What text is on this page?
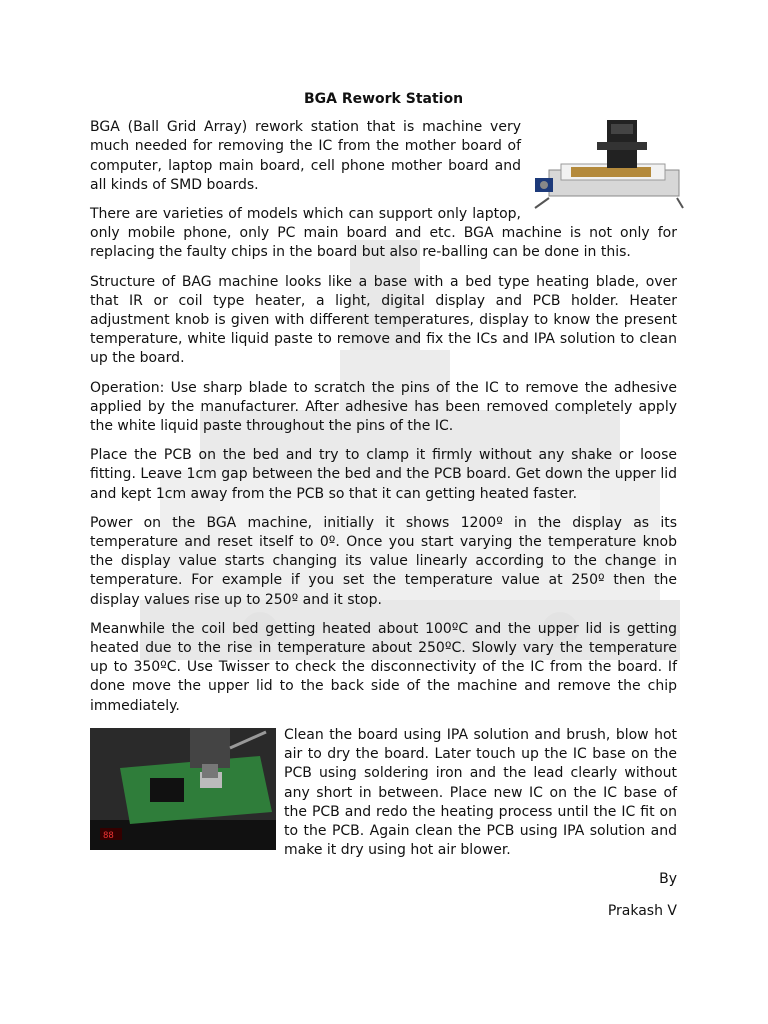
BGA Rework Station

BGA (Ball Grid Array) rework station that is machine very much needed for removing the IC from the mother board of computer, laptop main board, cell phone mother board and all kinds of SMD boards.

There are varieties of models which can support only laptop, only mobile phone, only PC main board and etc. BGA machine is not only for replacing the faulty chips in the board but also re-balling can be done in this.

Structure of BAG machine looks like a base with a bed type heating blade, over that IR or coil type heater, a light, digital display and PCB holder. Heater adjustment knob is given with different temperatures, display to know the present temperature, white liquid paste to remove and fix the ICs and IPA solution to clean up the board.

Operation: Use sharp blade to scratch the pins of the IC to remove the adhesive applied by the manufacturer. After adhesive has been removed completely apply the white liquid paste throughout the pins of the IC.

Place the PCB on the bed and try to clamp it firmly without any shake or loose fitting. Leave 1cm gap between the bed and the PCB board. Get down the upper lid and kept 1cm away from the PCB so that it can getting heated faster.

Power on the BGA machine, initially it shows 1200º in the display as its temperature and reset itself to 0º. Once you start varying the temperature knob the display value starts changing its value linearly according to the change in temperature. For example if you set the temperature value at 250º then the display values rise up to 250º and it stop.

Meanwhile the coil bed getting heated about 100ºC and the upper lid is getting heated due to the rise in temperature about 250ºC. Slowly vary the temperature up to 350ºC. Use Twisser to check the disconnectivity of the IC from the board. If done move the upper lid to the back side of the machine and remove the chip immediately.

88

Clean the board using IPA solution and brush, blow hot air to dry the board. Later touch up the IC base on the PCB using soldering iron and the lead clearly without any short in between. Place new IC on the IC base of the PCB and redo the heating process until the IC fit on to the PCB. Again clean the PCB using IPA solution and make it dry using hot air blower.

By
Prakash V
